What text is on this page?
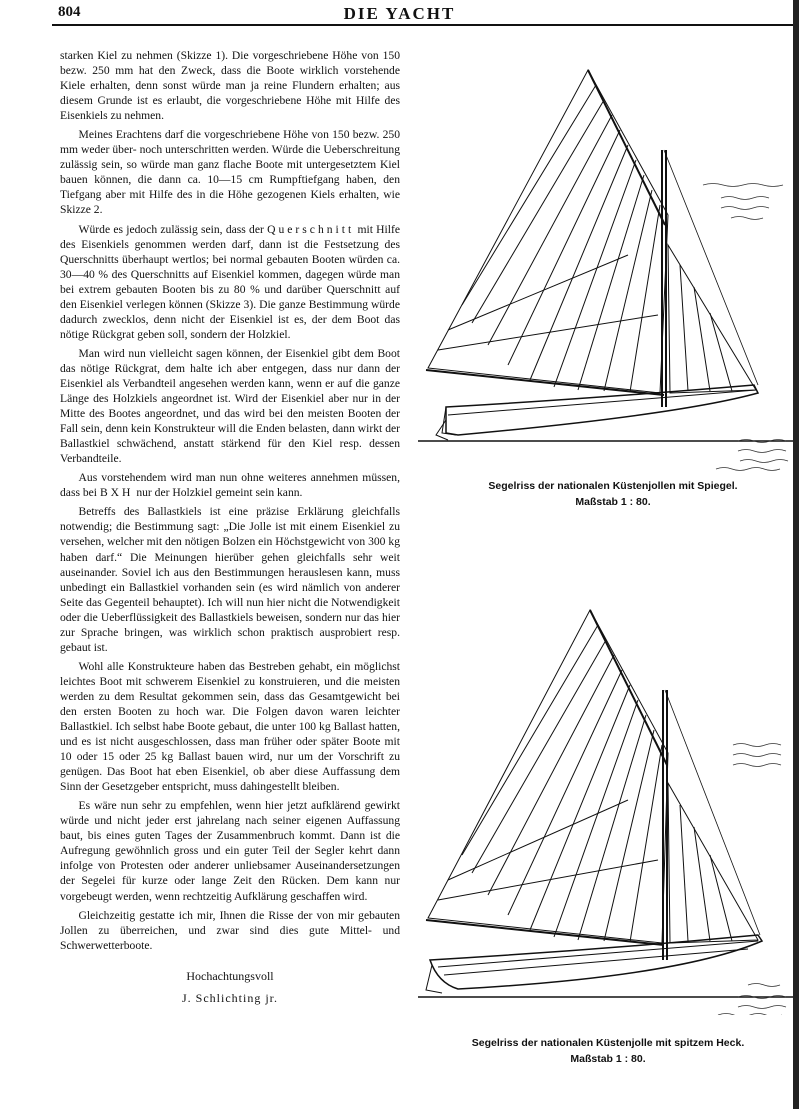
804	DIE YACHT

starken Kiel zu nehmen (Skizze 1). Die vorgeschriebene Höhe von 150 bezw. 250 mm hat den Zweck, dass die Boote wirklich vorstehende Kiele erhalten, denn sonst würde man ja reine Flundern erhalten; aus diesem Grunde ist es erlaubt, die vorgeschriebene Höhe mit Hilfe des Eisenkiels zu nehmen.

Meines Erachtens darf die vorgeschriebene Höhe von 150 bezw. 250 mm weder über- noch unterschritten werden. Würde die Ueberschreitung zulässig sein, so würde man ganz flache Boote mit untergesetztem Kiel bauen können, die dann ca. 10—15 cm Rumpftiefgang haben, den Tiefgang aber mit Hilfe des in die Höhe gezogenen Kiels erhalten, wie Skizze 2.

Würde es jedoch zulässig sein, dass der Querschnitt mit Hilfe des Eisenkiels genommen werden darf, dann ist die Festsetzung des Querschnitts überhaupt wertlos; bei normal gebauten Booten würden ca. 30—40 % des Querschnitts auf Eisenkiel kommen, dagegen würde man bei extrem gebauten Booten bis zu 80 % und darüber Querschnitt auf den Eisenkiel verlegen können (Skizze 3). Die ganze Bestimmung würde dadurch zwecklos, denn nicht der Eisenkiel ist es, der dem Boot das nötige Rückgrat geben soll, sondern der Holzkiel.

Man wird nun vielleicht sagen können, der Eisenkiel gibt dem Boot das nötige Rückgrat, dem halte ich aber entgegen, dass nur dann der Eisenkiel als Verbandteil angesehen werden kann, wenn er auf die ganze Länge des Holzkiels angeordnet ist. Wird der Eisenkiel aber nur in der Mitte des Bootes angeordnet, und das wird bei den meisten Booten der Fall sein, denn kein Konstrukteur will die Enden belasten, dann wirkt der Ballastkiel schwächend, anstatt stärkend für den Kiel resp. dessen Verbandteile.

Aus vorstehendem wird man nun ohne weiteres annehmen müssen, dass bei BXH nur der Holzkiel gemeint sein kann.

Betreffs des Ballastkiels ist eine präzise Erklärung gleichfalls notwendig; die Bestimmung sagt: „Die Jolle ist mit einem Eisenkiel zu versehen, welcher mit den nötigen Bolzen ein Höchstgewicht von 300 kg haben darf.“ Die Meinungen hierüber gehen gleichfalls sehr weit auseinander. Soviel ich aus den Bestimmungen herauslesen kann, muss unbedingt ein Ballastkiel vorhanden sein (es wird nämlich von anderer Seite das Gegenteil behauptet). Ich will nun hier nicht die Notwendigkeit oder die Ueberflüssigkeit des Ballastkiels beweisen, sondern nur das hier zur Sprache bringen, was wirklich schon praktisch ausprobiert resp. gebaut ist.

Wohl alle Konstrukteure haben das Bestreben gehabt, ein möglichst leichtes Boot mit schwerem Eisenkiel zu konstruieren, und die meisten werden zu dem Resultat gekommen sein, dass das Gesamtgewicht bei den ersten Booten zu hoch war. Die Folgen davon waren leichter Ballastkiel. Ich selbst habe Boote gebaut, die unter 100 kg Ballast hatten, und es ist nicht ausgeschlossen, dass man früher oder später Boote mit 10 oder 15 oder 25 kg Ballast bauen wird, nur um der Vorschrift zu genügen. Das Boot hat eben Eisenkiel, ob aber diese Auffassung dem Sinn der Gesetzgeber entspricht, muss dahingestellt bleiben.

Es wäre nun sehr zu empfehlen, wenn hier jetzt aufklärend gewirkt würde und nicht jeder erst jahrelang nach seiner eigenen Auffassung baut, bis eines guten Tages der Zusammenbruch kommt. Dann ist die Aufregung gewöhnlich gross und ein guter Teil der Segler kehrt dann infolge von Protesten oder anderer unliebsamer Auseinandersetzungen der Segelei für kurze oder lange Zeit den Rücken. Dem kann nur vorgebeugt werden, wenn rechtzeitig Aufklärung geschaffen wird.

Gleichzeitig gestatte ich mir, Ihnen die Risse der von mir gebauten Jollen zu überreichen, und zwar sind dies gute Mittel- und Schwerwetterboote.

Hochachtungsvoll
J. Schlichting jr.
Segelriss der nationalen Küstenjollen mit Spiegel.
Maßstab 1 : 80.
Segelriss der nationalen Küstenjolle mit spitzem Heck.
Maßstab 1 : 80.
